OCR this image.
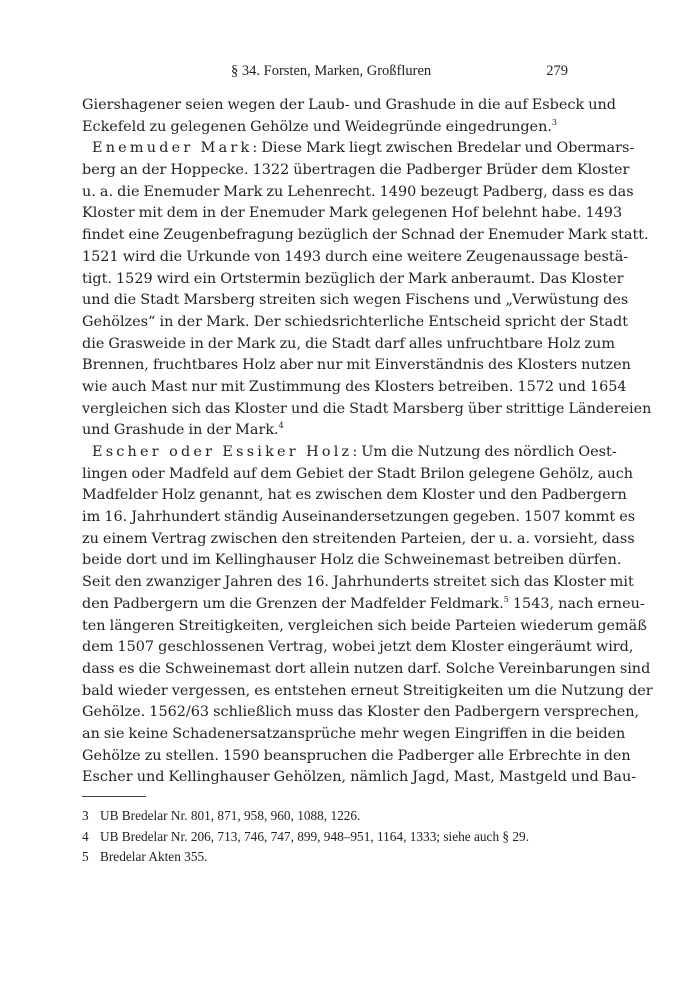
§ 34. Forsten, Marken, Großfluren	279
Giershagener seien wegen der Laub- und Grashude in die auf Esbeck und
Eckefeld zu gelegenen Gehölze und Weidegründe eingedrungen.$^3$
Enemuder Mark: Diese Mark liegt zwischen Bredelar und Obermars-
berg an der Hoppecke. 1322 übertragen die Padberger Brüder dem Kloster
u. a. die Enemuder Mark zu Lehenrecht. 1490 bezeugt Padberg, dass es das
Kloster mit dem in der Enemuder Mark gelegenen Hof belehnt habe. 1493
findet eine Zeugenbefragung bezüglich der Schnad der Enemuder Mark statt.
1521 wird die Urkunde von 1493 durch eine weitere Zeugenaussage bestä-
tigt. 1529 wird ein Ortstermin bezüglich der Mark anberaumt. Das Kloster
und die Stadt Marsberg streiten sich wegen Fischens und „Verwüstung des
Gehölzes“ in der Mark. Der schiedsrichterliche Entscheid spricht der Stadt
die Grasweide in der Mark zu, die Stadt darf alles unfruchtbare Holz zum
Brennen, fruchtbares Holz aber nur mit Einverständnis des Klosters nutzen
wie auch Mast nur mit Zustimmung des Klosters betreiben. 1572 und 1654
vergleichen sich das Kloster und die Stadt Marsberg über strittige Ländereien
und Grashude in der Mark.$^4$
Escher oder Essiker Holz: Um die Nutzung des nördlich Oest-
lingen oder Madfeld auf dem Gebiet der Stadt Brilon gelegene Gehölz, auch
Madfelder Holz genannt, hat es zwischen dem Kloster und den Padbergern
im 16. Jahrhundert ständig Auseinandersetzungen gegeben. 1507 kommt es
zu einem Vertrag zwischen den streitenden Parteien, der u. a. vorsieht, dass
beide dort und im Kellinghauser Holz die Schweinemast betreiben dürfen.
Seit den zwanziger Jahren des 16. Jahrhunderts streitet sich das Kloster mit
den Padbergern um die Grenzen der Madfelder Feldmark.$^5$ 1543, nach erneu-
ten längeren Streitigkeiten, vergleichen sich beide Parteien wiederum gemäß
dem 1507 geschlossenen Vertrag, wobei jetzt dem Kloster eingeräumt wird,
dass es die Schweinemast dort allein nutzen darf. Solche Vereinbarungen sind
bald wieder vergessen, es entstehen erneut Streitigkeiten um die Nutzung der
Gehölze. 1562/63 schließlich muss das Kloster den Padbergern versprechen,
an sie keine Schadenersatzansprüche mehr wegen Eingriffen in die beiden
Gehölze zu stellen. 1590 beanspruchen die Padberger alle Erbrechte in den
Escher und Kellinghauser Gehölzen, nämlich Jagd, Mast, Mastgeld und Bau-
3 UB Bredelar Nr. 801, 871, 958, 960, 1088, 1226.
4 UB Bredelar Nr. 206, 713, 746, 747, 899, 948–951, 1164, 1333; siehe auch § 29.
5 Bredelar Akten 355.
